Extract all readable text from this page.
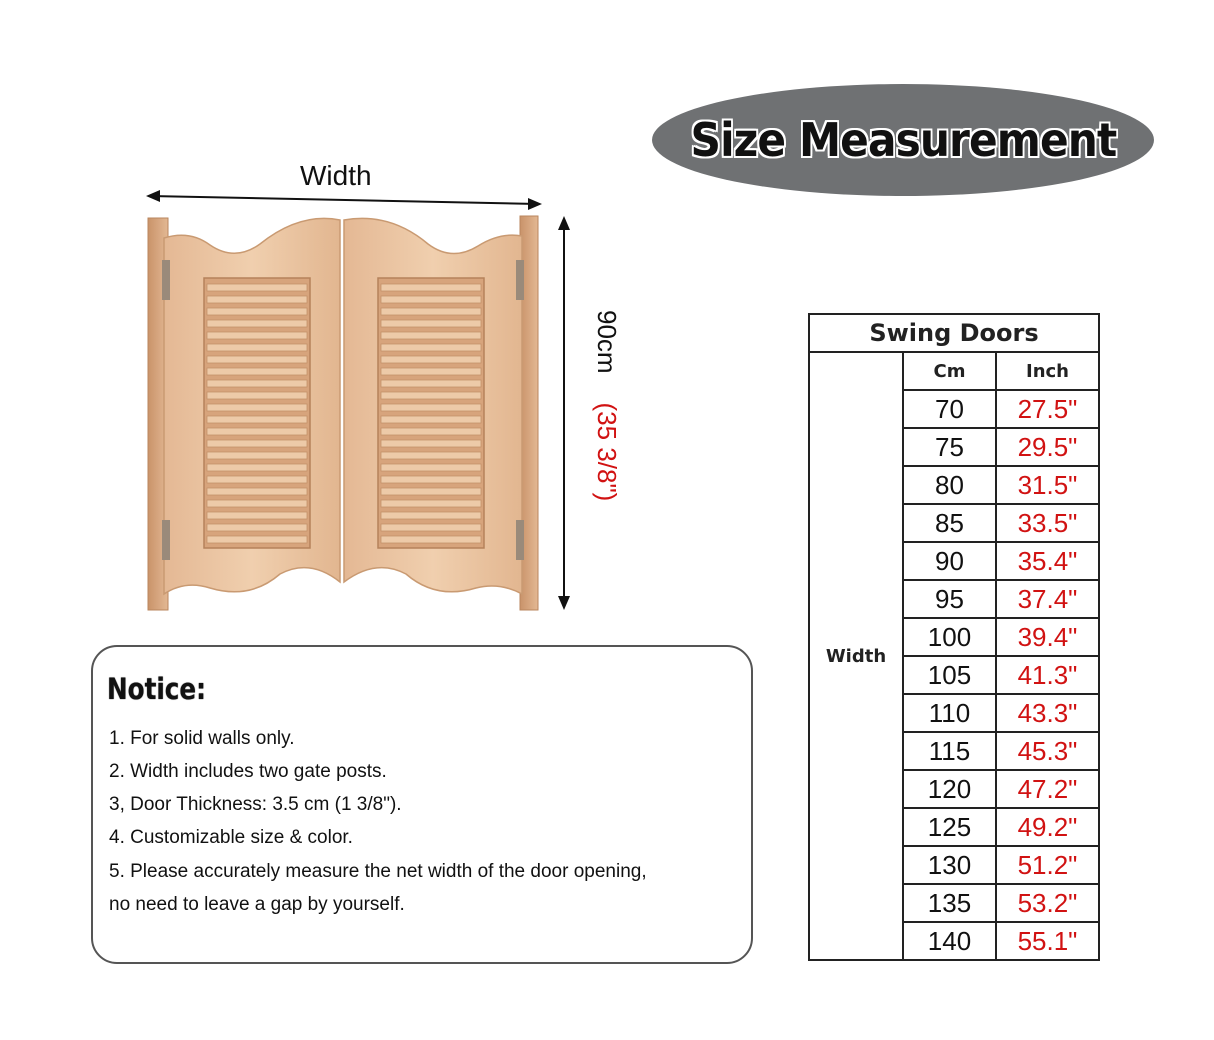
Size Measurement
Width
90cm    (35 3/8")
Notice:
1. For solid walls only.
2. Width includes two gate posts.
3, Door Thickness: 3.5 cm (1 3/8").
4. Customizable size & color.
5. Please accurately measure the net width of the door opening,
no need to leave a gap by yourself.
Swing Doors		
Width	Cm	Inch
	70	27.5"
	75	29.5"
	80	31.5"
	85	33.5"
	90	35.4"
	95	37.4"
	100	39.4"
	105	41.3"
	110	43.3"
	115	45.3"
	120	47.2"
	125	49.2"
	130	51.2"
	135	53.2"
	140	55.1"
